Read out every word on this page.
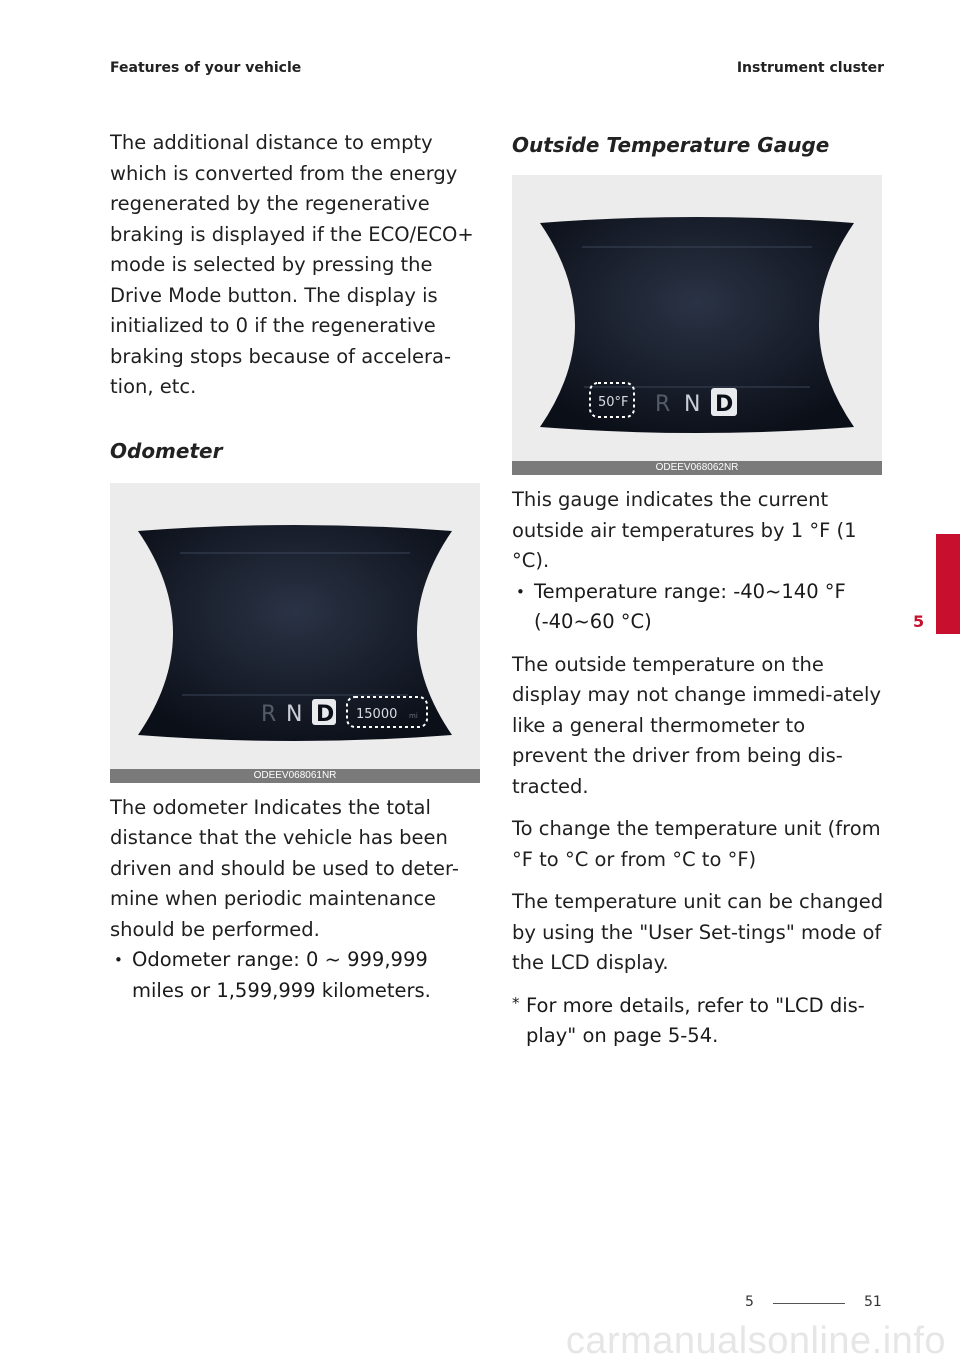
Features of your vehicle	Instrument cluster

The additional distance to empty which is converted from the energy regenerated by the regenerative braking is displayed if the ECO/ECO+ mode is selected by pressing the Drive Mode button. The display is initialized to 0 if the regenerative braking stops because of accelera-tion, etc.

Odometer
R N D 15000 mi
ODEEV068061NR

The odometer Indicates the total distance that the vehicle has been driven and should be used to deter-mine when periodic maintenance should be performed.

• Odometer range: 0 ~ 999,999 miles or 1,599,999 kilometers.
Outside Temperature Gauge
50°F R N D
ODEEV068062NR

This gauge indicates the current outside air temperatures by 1 °F (1 °C).

• Temperature range: -40~140 °F (-40~60 °C)

The outside temperature on the display may not change immedi-ately like a general thermometer to prevent the driver from being dis-tracted.

To change the temperature unit (from °F to °C or from °C to °F)

The temperature unit can be changed by using the "User Set-tings" mode of the LCD display.

* For more details, refer to "LCD dis-play" on page 5-54.
5
5	51
carmanualsonline.info
